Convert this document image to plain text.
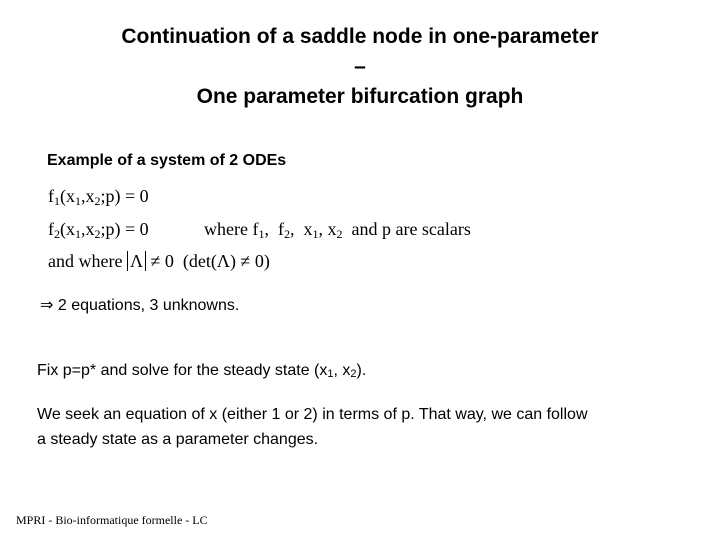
Continuation of a saddle node in one-parameter
–
One parameter bifurcation graph
Example of a system of 2 ODEs
$f_1(x_1,x_2;p) = 0$
$f_2(x_1,x_2;p) = 0$	where $f_1$,  $f_2$,  $x_1$, $x_2$  and p are scalars
and where Λ ≠ 0  (det(Λ) ≠ 0)
⇒ 2 equations, 3 unknowns.
Fix p=p* and solve for the steady state ($x_1$, $x_2$).
We seek an equation of x (either 1 or 2) in terms of p. That way, we can follow
a steady state as a parameter changes.
MPRI - Bio-informatique formelle - LC
